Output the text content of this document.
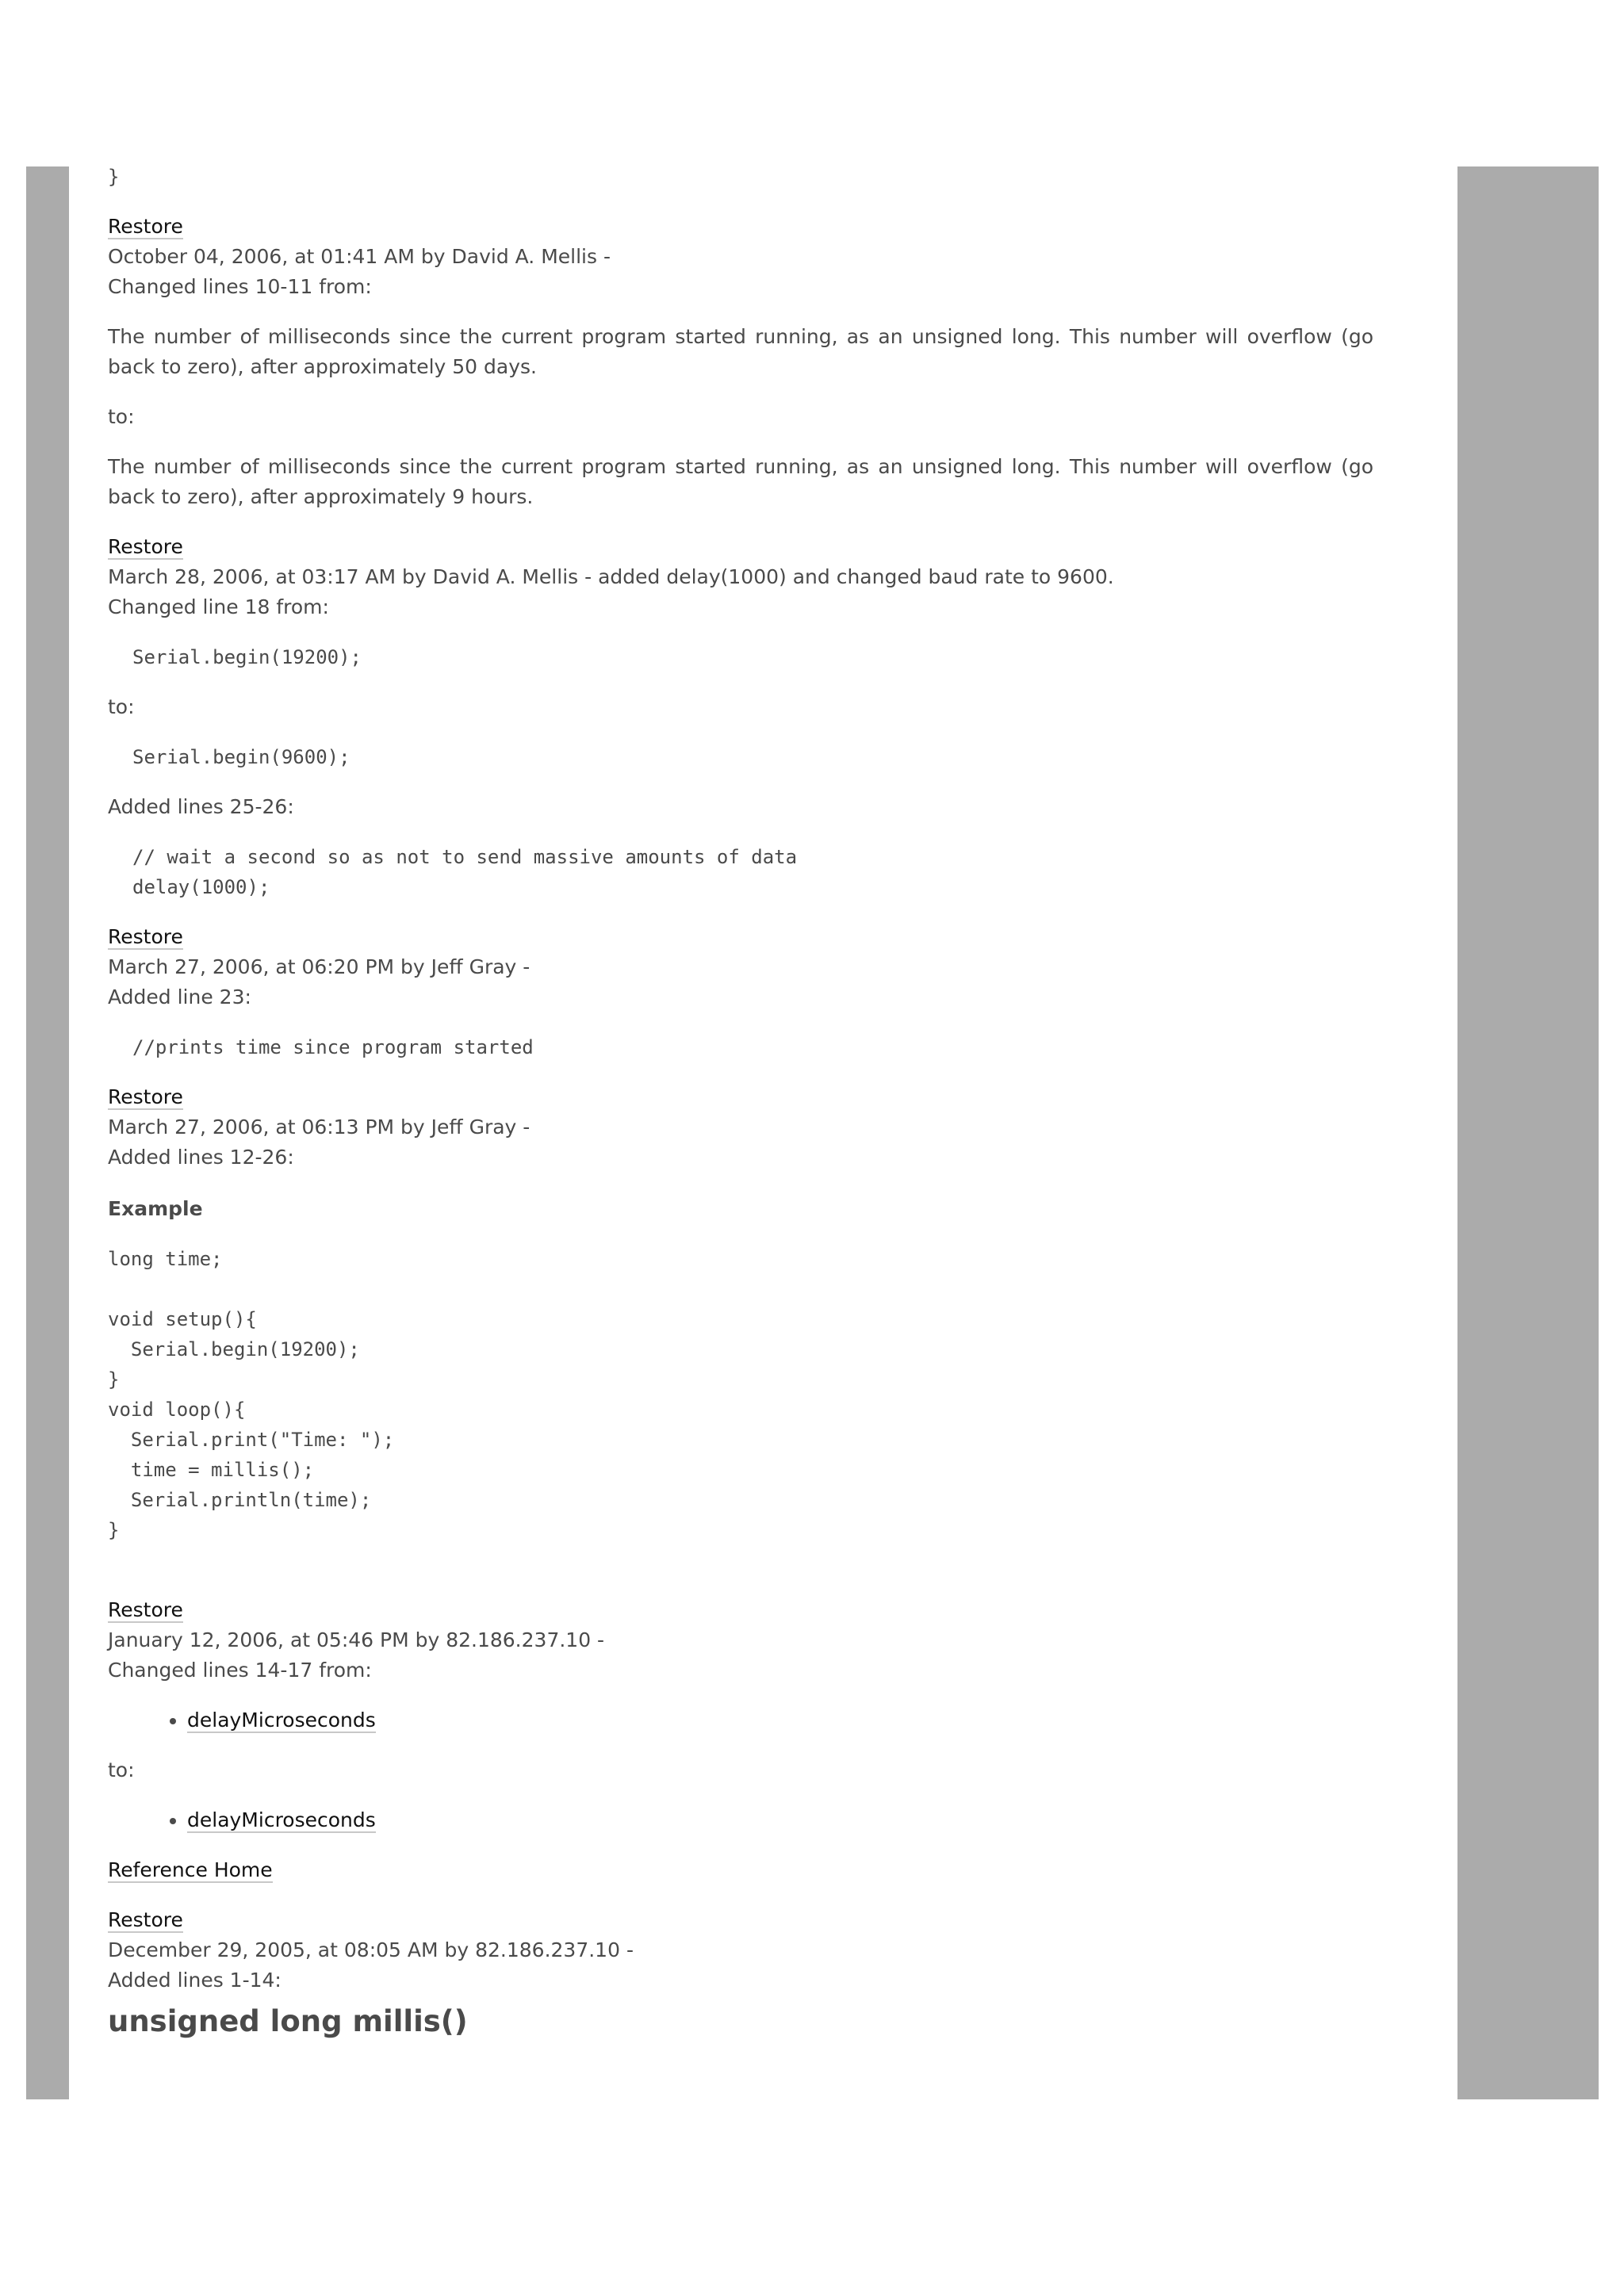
}
Restore
October 04, 2006, at 01:41 AM by David A. Mellis -
Changed lines 10-11 from:

The number of milliseconds since the current program started running, as an unsigned long. This number will overflow (go back to zero), after approximately 50 days.

to:

The number of milliseconds since the current program started running, as an unsigned long. This number will overflow (go back to zero), after approximately 9 hours.

Restore
March 28, 2006, at 03:17 AM by David A. Mellis - added delay(1000) and changed baud rate to 9600.
Changed line 18 from:
Serial.begin(19200);

to:

Serial.begin(9600);

Added lines 25-26:

// wait a second so as not to send massive amounts of data
delay(1000);
Restore
March 27, 2006, at 06:20 PM by Jeff Gray -
Added line 23:
//prints time since program started
Restore
March 27, 2006, at 06:13 PM by Jeff Gray -
Added lines 12-26:
Example
long time;

void setup(){
Serial.begin(19200);
}
void loop(){
Serial.print("Time: ");
time = millis();
Serial.println(time);
}
Restore
January 12, 2006, at 05:46 PM by 82.186.237.10 -
Changed lines 14-17 from:
• delayMicroseconds

to:

• delayMicroseconds

Reference Home

Restore
December 29, 2005, at 08:05 AM by 82.186.237.10 -
Added lines 1-14:
unsigned long millis()
